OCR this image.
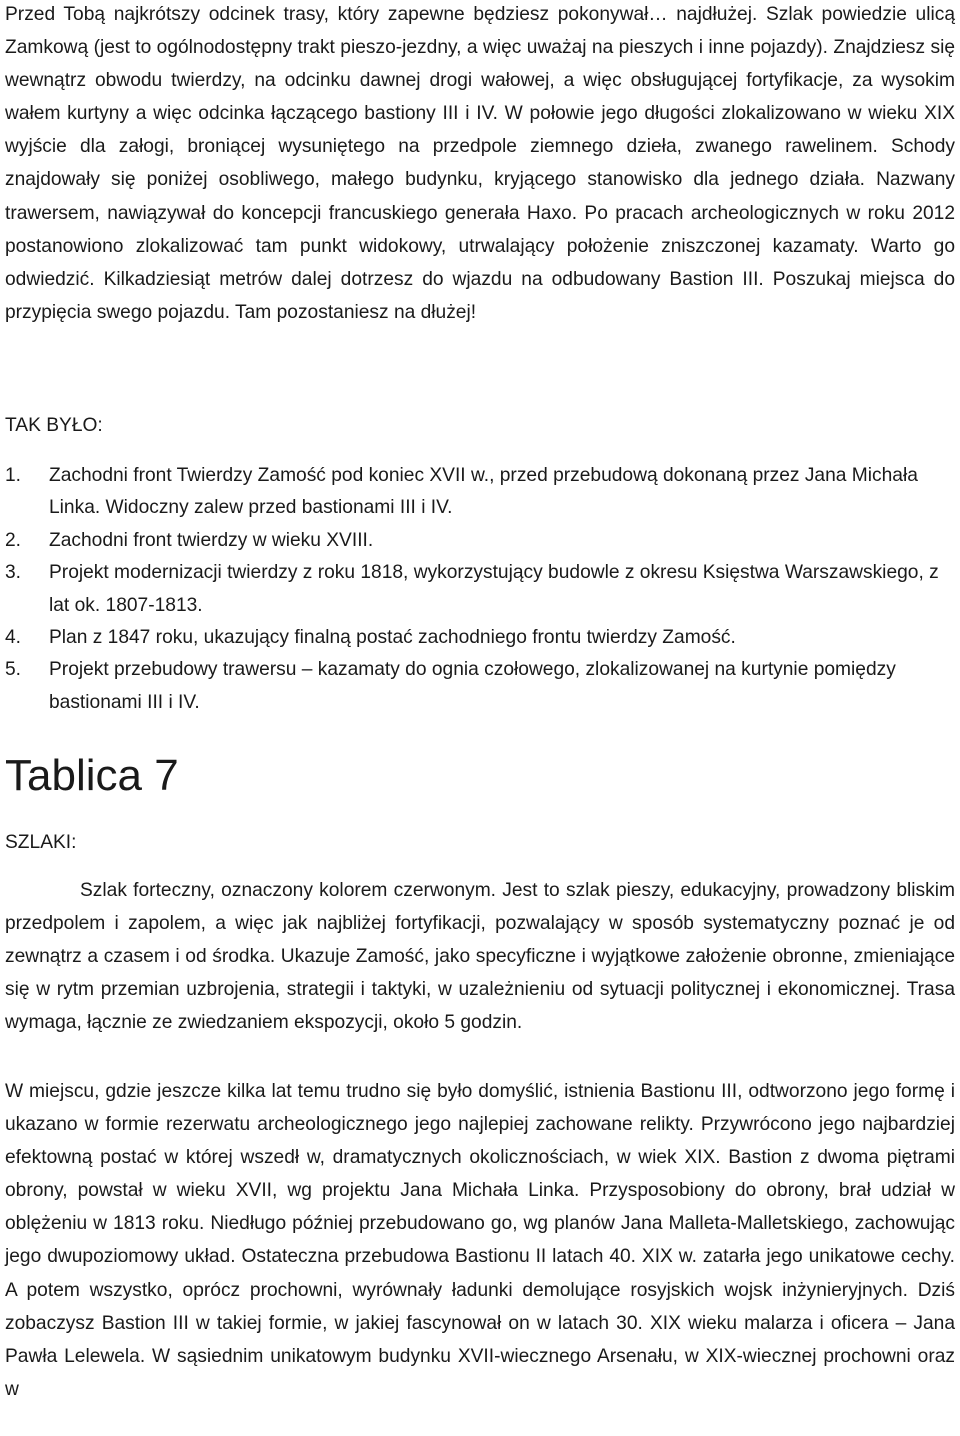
Przed Tobą najkrótszy odcinek trasy, który zapewne będziesz pokonywał… najdłużej. Szlak powiedzie ulicą Zamkową (jest to ogólnodostępny trakt pieszo-jezdny, a więc uważaj na pieszych i inne pojazdy). Znajdziesz się wewnątrz obwodu twierdzy, na odcinku dawnej drogi wałowej, a więc obsługującej fortyfikacje, za wysokim wałem kurtyny a więc odcinka łączącego bastiony III i IV. W połowie jego długości zlokalizowano w wieku XIX wyjście dla załogi, broniącej wysuniętego na przedpole ziemnego dzieła, zwanego rawelinem. Schody znajdowały się poniżej osobliwego, małego budynku, kryjącego stanowisko dla jednego działa. Nazwany trawersem, nawiązywał do koncepcji francuskiego generała Haxo. Po pracach archeologicznych w roku 2012 postanowiono zlokalizować tam punkt widokowy, utrwalający położenie zniszczonej kazamaty. Warto go odwiedzić. Kilkadziesiąt metrów dalej dotrzesz do wjazdu na odbudowany Bastion III. Poszukaj miejsca do przypięcia swego pojazdu. Tam pozostaniesz na dłużej!

TAK BYŁO:

1. Zachodni front Twierdzy Zamość pod koniec XVII w., przed przebudową dokonaną przez Jana Michała Linka. Widoczny zalew przed bastionami III i IV.
2. Zachodni front twierdzy w wieku XVIII.
3. Projekt modernizacji twierdzy z roku 1818, wykorzystujący budowle z okresu Księstwa Warszawskiego, z lat ok. 1807-1813.
4. Plan z 1847 roku, ukazujący finalną postać zachodniego frontu twierdzy Zamość.
5. Projekt przebudowy trawersu – kazamaty do ognia czołowego, zlokalizowanej na kurtynie pomiędzy bastionami III i IV.
Tablica 7

SZLAKI:

Szlak forteczny, oznaczony kolorem czerwonym. Jest to szlak pieszy, edukacyjny, prowadzony bliskim przedpolem i zapolem, a więc jak najbliżej fortyfikacji, pozwalający w sposób systematyczny poznać je od zewnątrz a czasem i od środka. Ukazuje Zamość, jako specyficzne i wyjątkowe założenie obronne, zmieniające się w rytm przemian uzbrojenia, strategii i taktyki, w uzależnieniu od sytuacji politycznej i ekonomicznej. Trasa wymaga, łącznie ze zwiedzaniem ekspozycji, około 5 godzin.

W miejscu, gdzie jeszcze kilka lat temu trudno się było domyślić, istnienia Bastionu III, odtworzono jego formę i ukazano w formie rezerwatu archeologicznego jego najlepiej zachowane relikty. Przywrócono jego najbardziej efektowną postać w której wszedł w, dramatycznych okolicznościach, w wiek XIX. Bastion z dwoma piętrami obrony, powstał w wieku XVII, wg projektu Jana Michała Linka. Przysposobiony do obrony, brał udział w oblężeniu w 1813 roku. Niedługo później przebudowano go, wg planów Jana Malleta-Malletskiego, zachowując jego dwupoziomowy układ. Ostateczna przebudowa Bastionu II latach 40. XIX w. zatarła jego unikatowe cechy. A potem wszystko, oprócz prochowni, wyrównały ładunki demolujące rosyjskich wojsk inżynieryjnych. Dziś zobaczysz Bastion III w takiej formie, w jakiej fascynował on w latach 30. XIX wieku malarza i oficera – Jana Pawła Lelewela. W sąsiednim unikatowym budynku XVII-wiecznego Arsenału, w XIX-wiecznej prochowni oraz w
